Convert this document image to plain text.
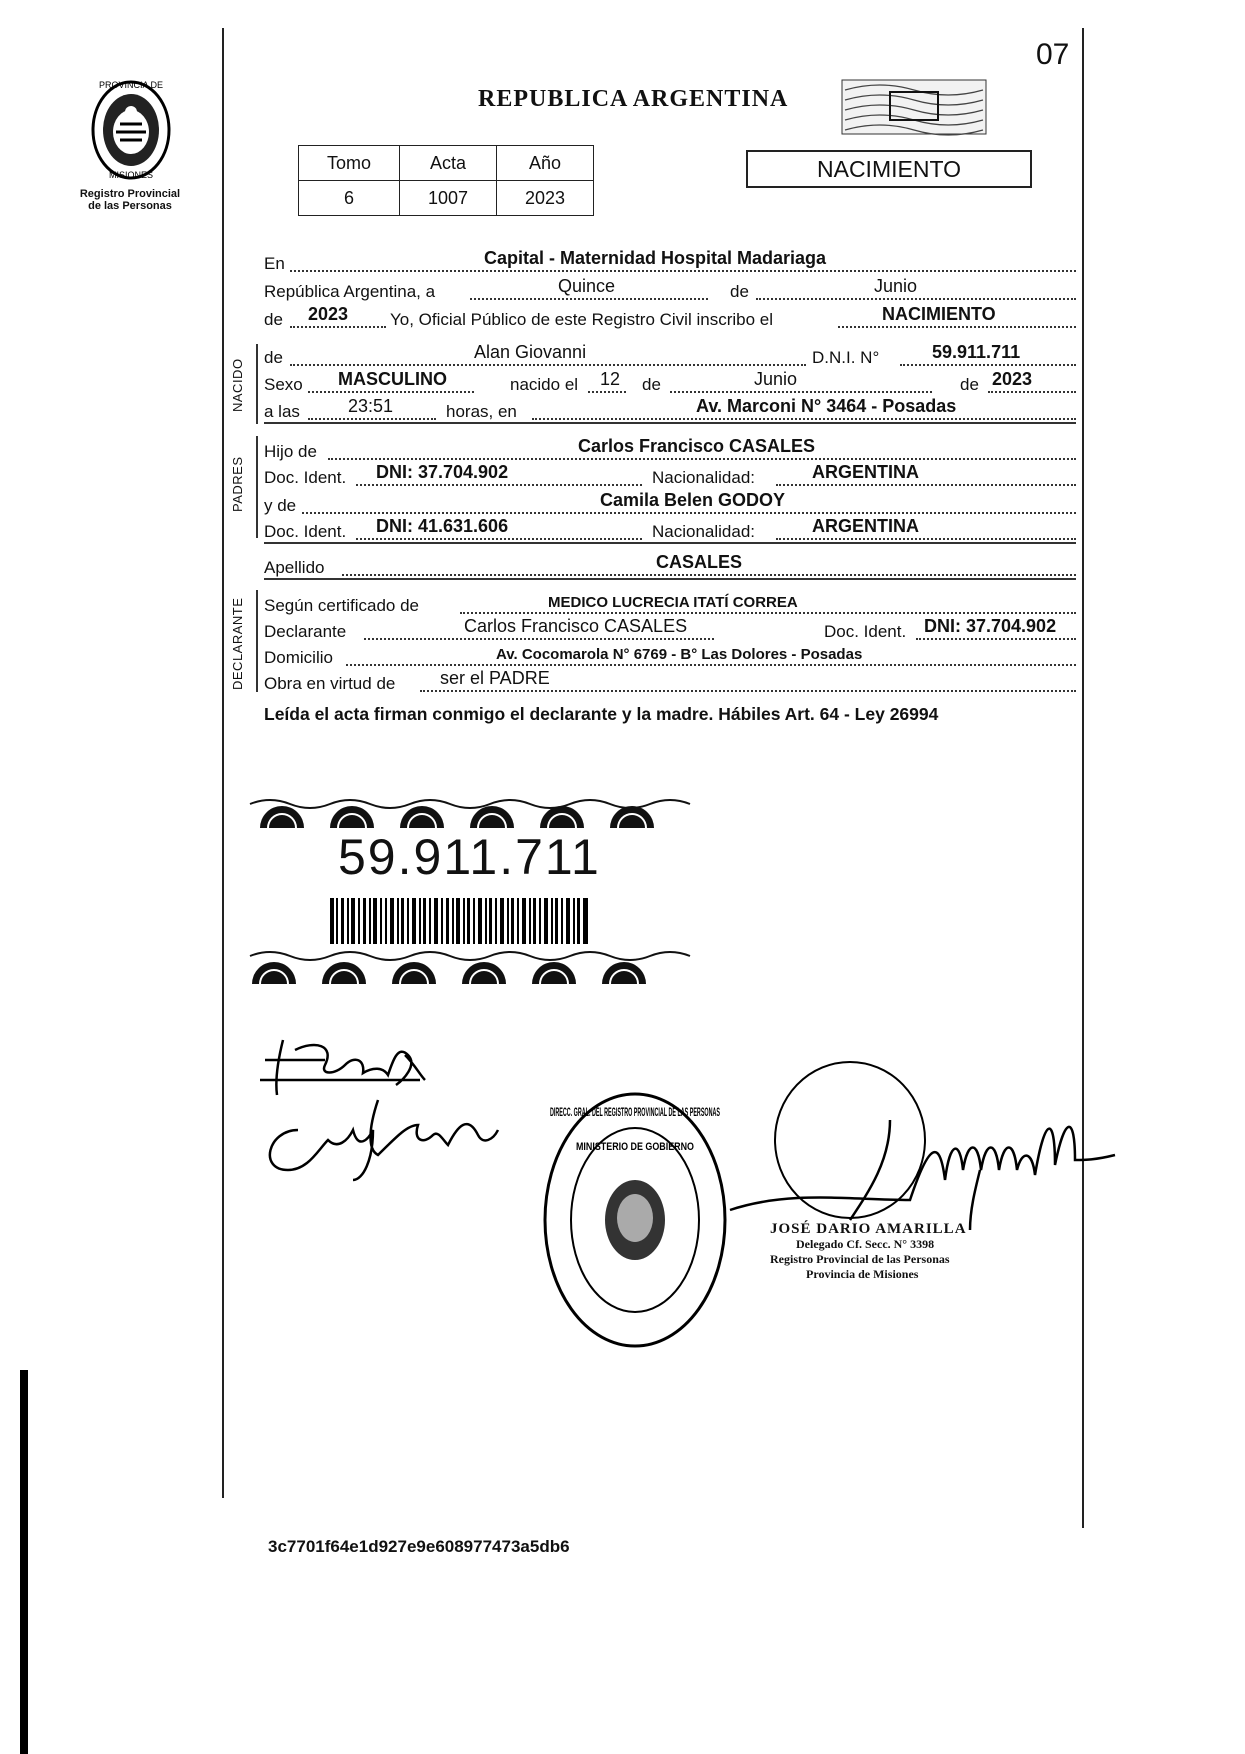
PROVINCIA DE
MISIONES
Registro Provincial
de las Personas
07
REPUBLICA ARGENTINA
Tomo	Acta	Año
6	1007	2023
NACIMIENTO
En	Capital - Maternidad Hospital Madariaga
República Argentina, a	Quince	de	Junio
de 2023 Yo, Oficial Público de este Registro Civil inscribo el	NACIMIENTO
NACIDO
de	Alan Giovanni	D.N.I. N°	59.911.711
Sexo MASCULINO	nacido el 12 de	Junio	de 2023
a las	23:51	horas, en	Av. Marconi N° 3464 - Posadas
PADRES
Hijo de	Carlos Francisco CASALES
Doc. Ident. DNI: 37.704.902	Nacionalidad:	ARGENTINA
y de	Camila Belen GODOY
Doc. Ident. DNI: 41.631.606	Nacionalidad:	ARGENTINA
Apellido	CASALES
DECLARANTE Según certificado de	MEDICO LUCRECIA ITATÍ CORREA
Declarante	Carlos Francisco CASALES	Doc. Ident. DNI: 37.704.902
Domicilio	Av. Cocomarola N° 6769 - B° Las Dolores - Posadas
Obra en virtud de ser el PADRE
Leída el acta firman conmigo el declarante y la madre. Hábiles Art. 64 - Ley 26994
59.911.711
DIRECC. GRAL. DEL REGISTRO PROVINCIAL DE LAS PERSONAS
MINISTERIO DE GOBIERNO
JOSÉ DARIO AMARILLA
Delegado Cf. Secc. N° 3398
Registro Provincial de las Personas
Provincia de Misiones
3c7701f64e1d927e9e608977473a5db6
